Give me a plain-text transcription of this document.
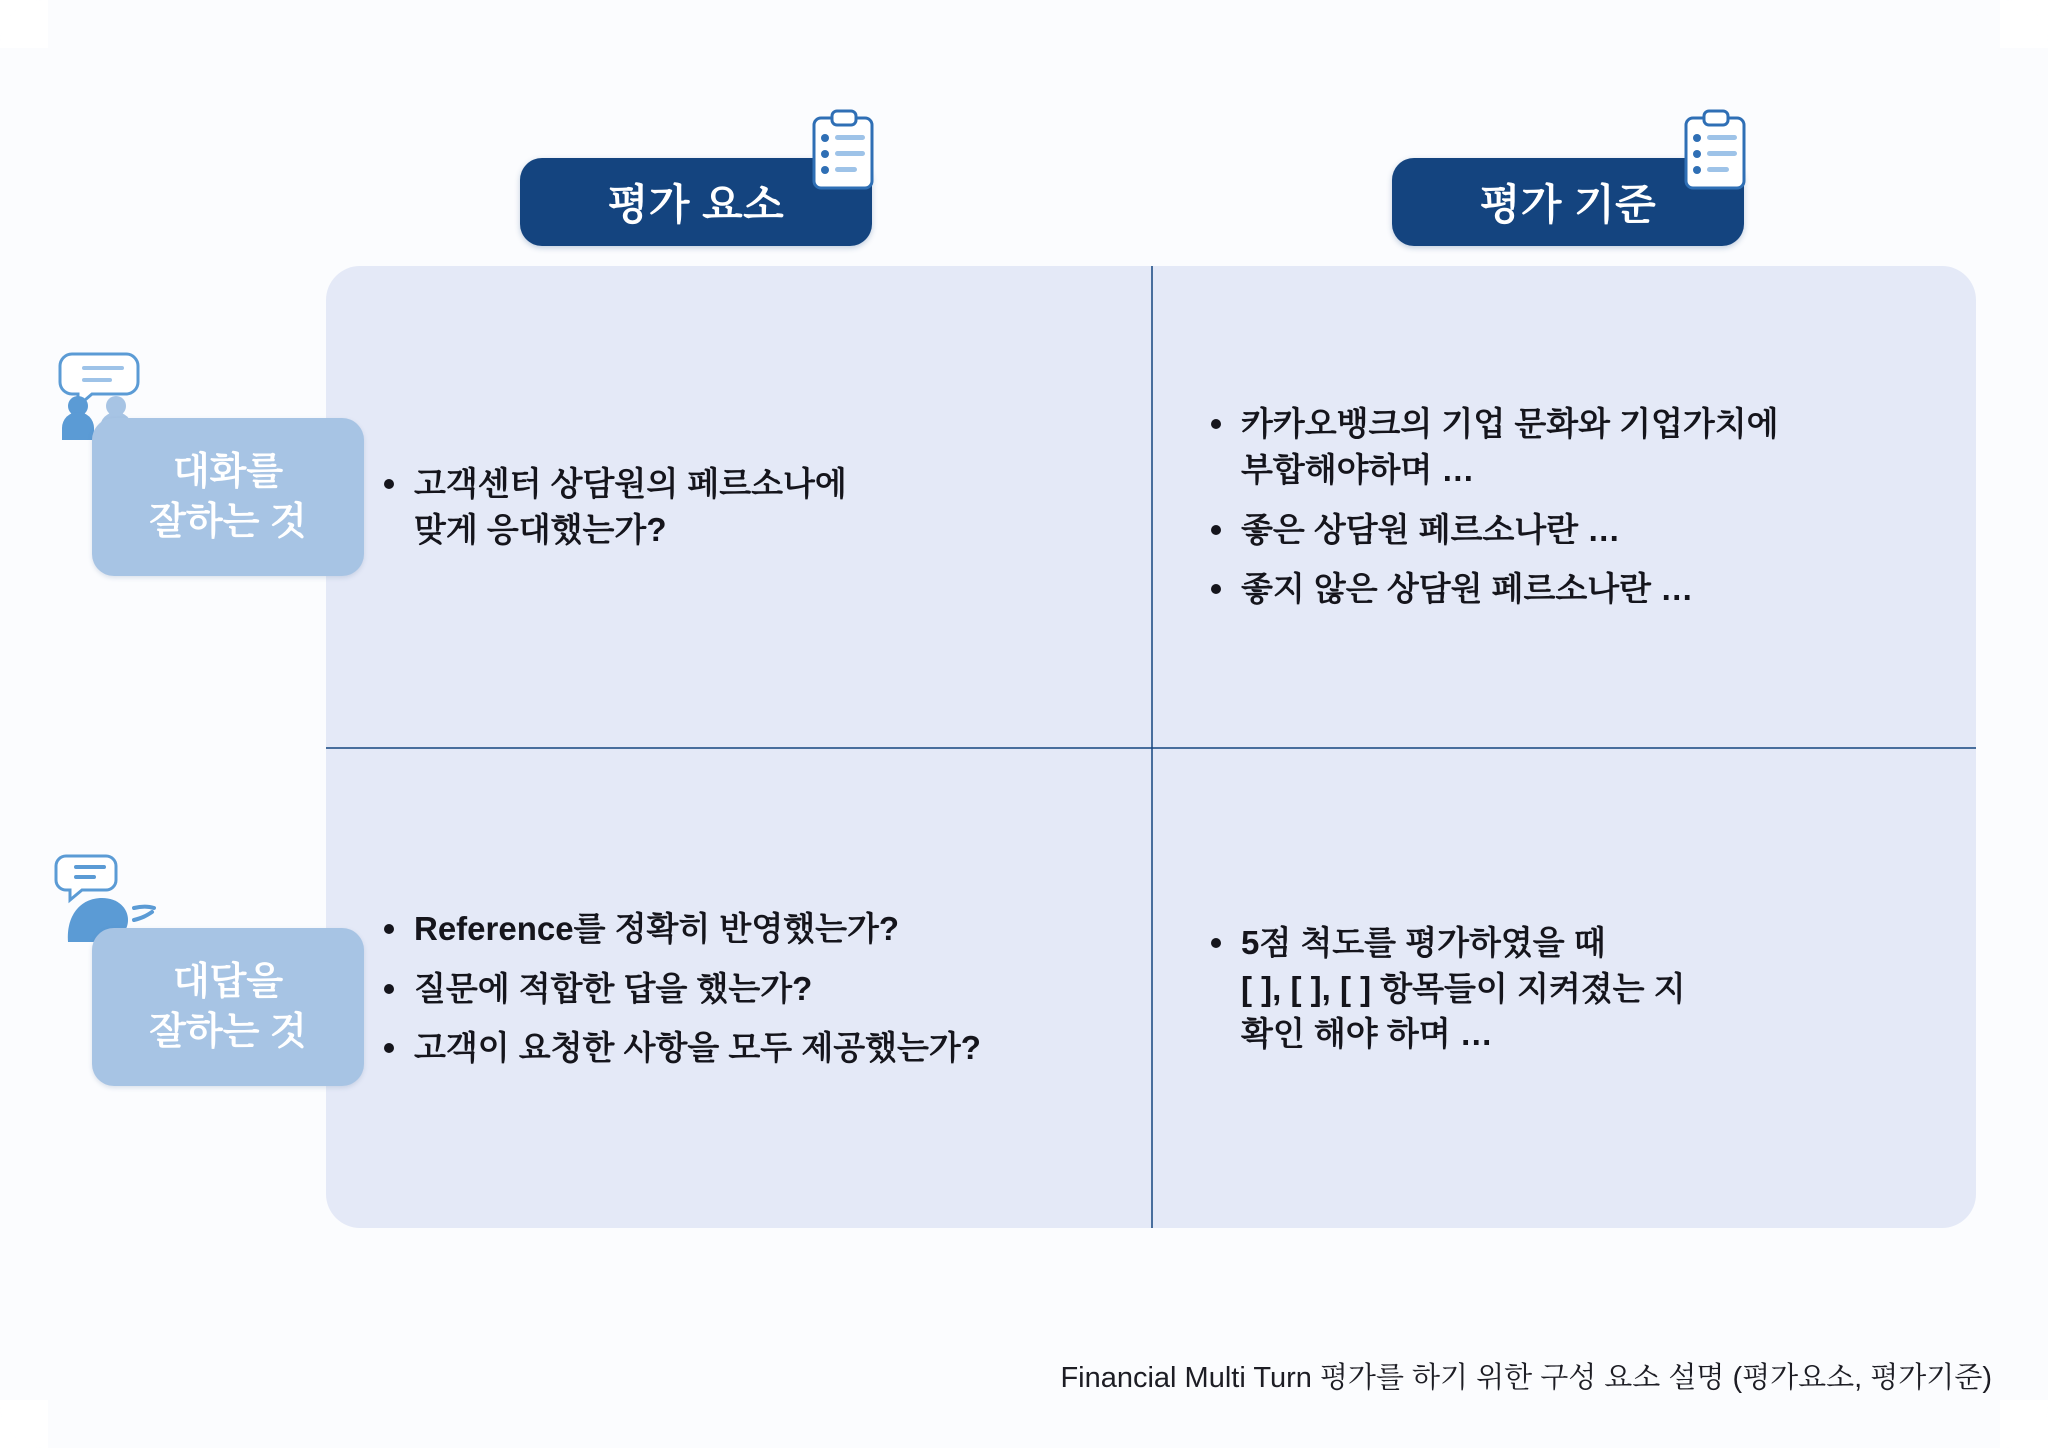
평가 요소	평가 기준
고객센터 상담원의 페르소나에
맞게 응대했는가?
카카오뱅크의 기업 문화와 기업가치에
부합해야하며 …
좋은 상담원 페르소나란 …
좋지 않은 상담원 페르소나란 …
Reference를 정확히 반영했는가?
질문에 적합한 답을 했는가?
고객이 요청한 사항을 모두 제공했는가?
5점 척도를 평가하였을 때
[ ], [ ], [ ] 항목들이 지켜졌는 지
확인 해야 하며 …
대화를
잘하는 것
대답을
잘하는 것
Financial Multi Turn 평가를 하기 위한 구성 요소 설명 (평가요소, 평가기준)
